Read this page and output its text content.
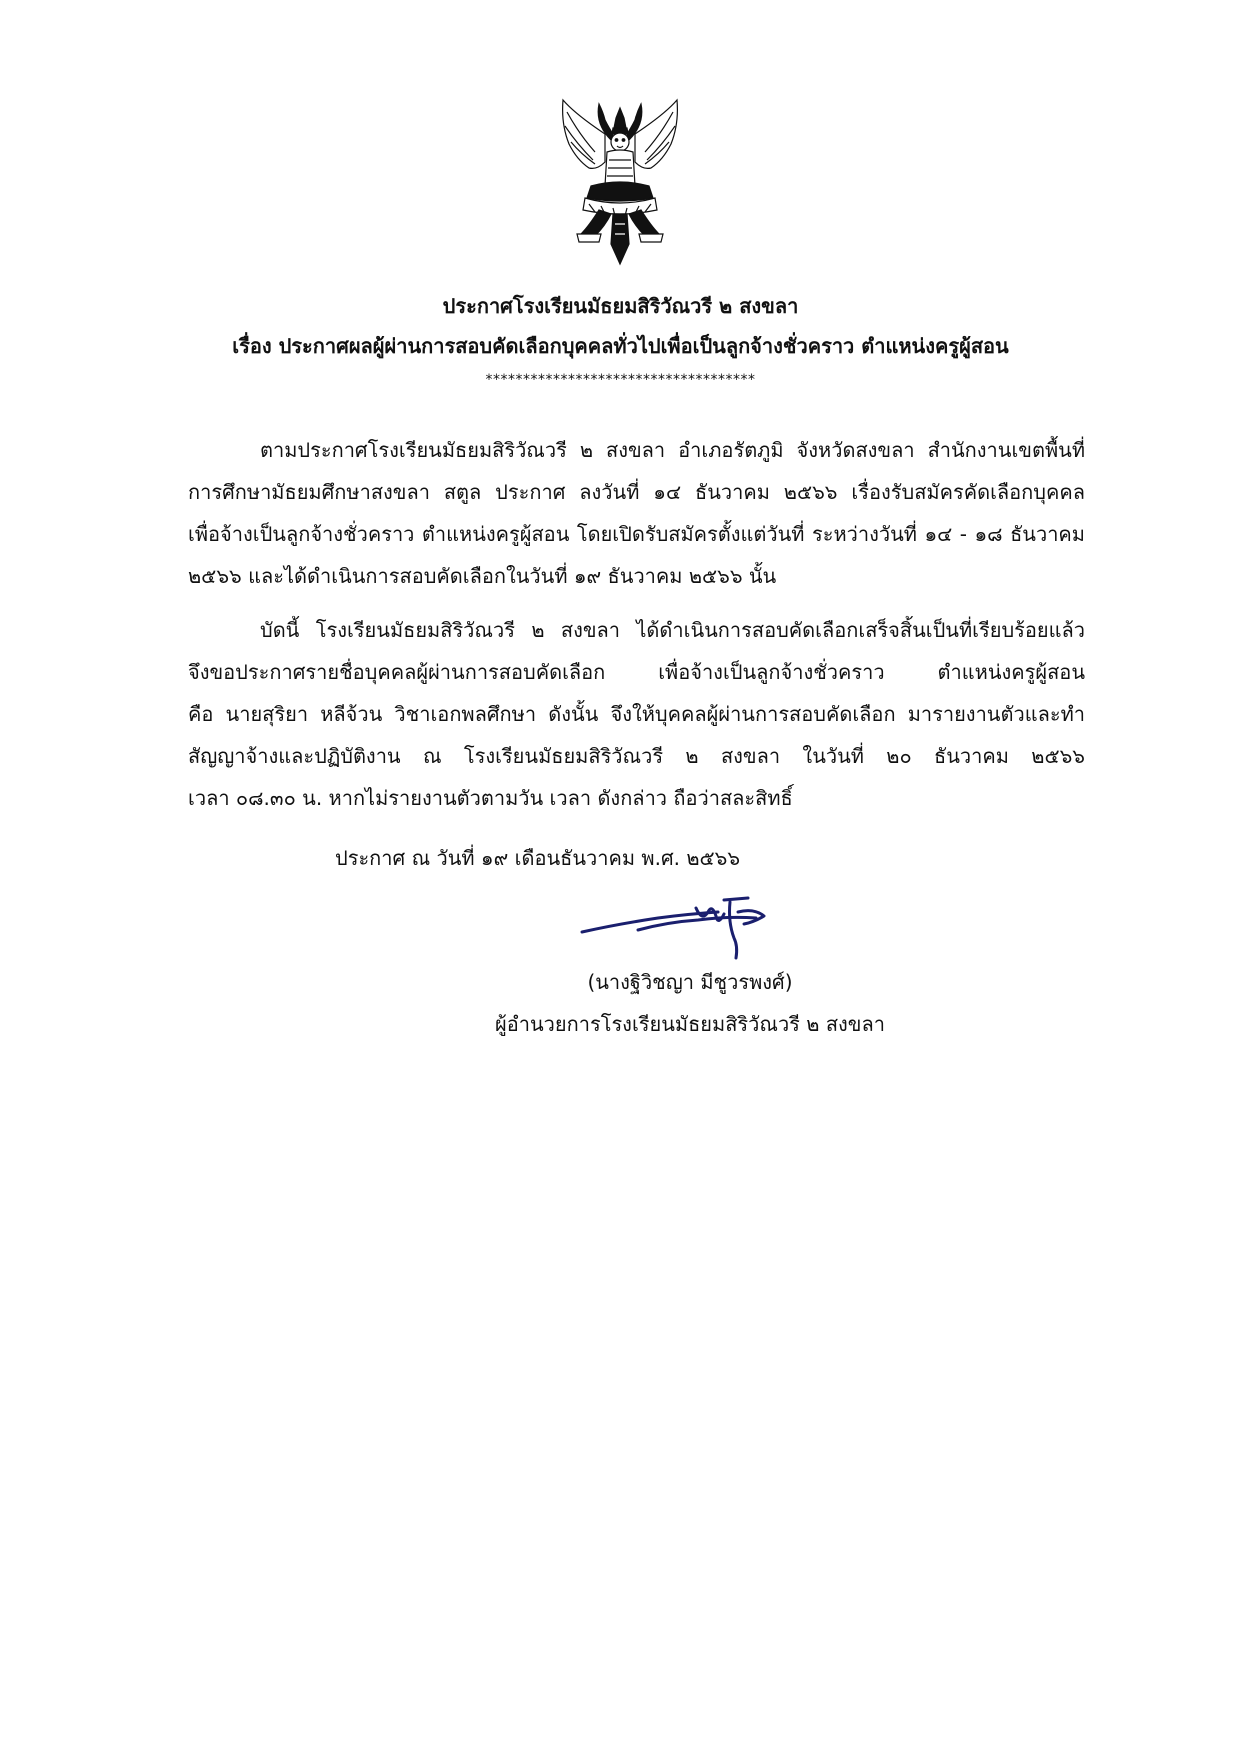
ประกาศโรงเรียนมัธยมสิริวัณวรี ๒ สงขลา
เรื่อง ประกาศผลผู้ผ่านการสอบคัดเลือกบุคคลทั่วไปเพื่อเป็นลูกจ้างชั่วคราว ตำแหน่งครูผู้สอน
************************************
ตามประกาศโรงเรียนมัธยมสิริวัณวรี ๒ สงขลา อำเภอรัตภูมิ จังหวัดสงขลา สำนักงานเขตพื้นที่
การศึกษามัธยมศึกษาสงขลา สตูล ประกาศ ลงวันที่ ๑๔ ธันวาคม ๒๕๖๖ เรื่องรับสมัครคัดเลือกบุคคล
เพื่อจ้างเป็นลูกจ้างชั่วคราว ตำแหน่งครูผู้สอน โดยเปิดรับสมัครตั้งแต่วันที่ ระหว่างวันที่ ๑๔ - ๑๘ ธันวาคม
๒๕๖๖ และได้ดำเนินการสอบคัดเลือกในวันที่ ๑๙ ธันวาคม ๒๕๖๖ นั้น
บัดนี้ โรงเรียนมัธยมสิริวัณวรี ๒ สงขลา ได้ดำเนินการสอบคัดเลือกเสร็จสิ้นเป็นที่เรียบร้อยแล้ว
จึงขอประกาศรายชื่อบุคคลผู้ผ่านการสอบคัดเลือก เพื่อจ้างเป็นลูกจ้างชั่วคราว ตำแหน่งครูผู้สอน
คือ นายสุริยา หลีจ้วน วิชาเอกพลศึกษา ดังนั้น จึงให้บุคคลผู้ผ่านการสอบคัดเลือก มารายงานตัวและทำ
สัญญาจ้างและปฏิบัติงาน ณ โรงเรียนมัธยมสิริวัณวรี ๒ สงขลา ในวันที่ ๒๐ ธันวาคม ๒๕๖๖
เวลา ๐๘.๓๐ น. หากไม่รายงานตัวตามวัน เวลา ดังกล่าว ถือว่าสละสิทธิ์
ประกาศ ณ วันที่ ๑๙ เดือนธันวาคม พ.ศ. ๒๕๖๖
(นางฐิวิชญา มีชูวรพงศ์)
ผู้อำนวยการโรงเรียนมัธยมสิริวัณวรี ๒ สงขลา
